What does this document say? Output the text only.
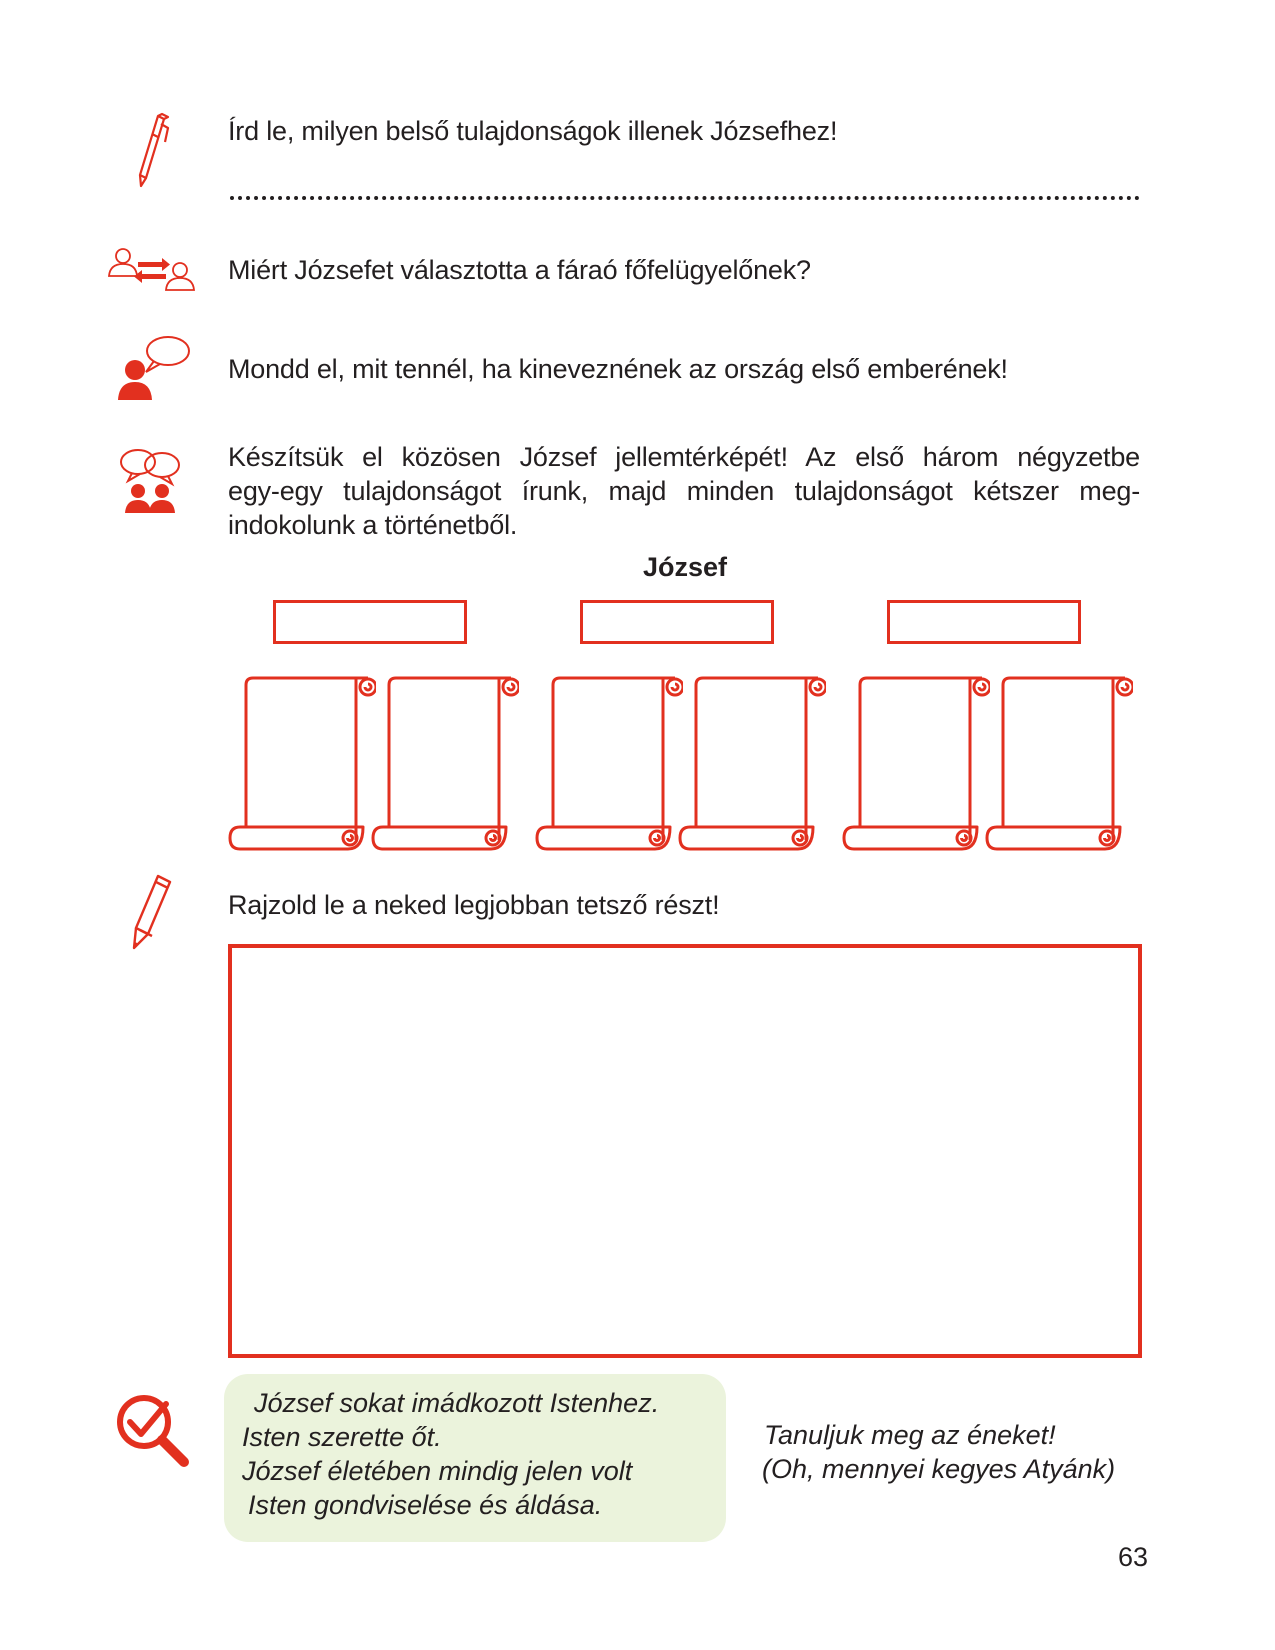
Írd le, milyen belső tulajdonságok illenek Józsefhez!
Miért Józsefet választotta a fáraó főfelügyelőnek?
Mondd el, mit tennél, ha kineveznének az ország első emberének!
Készítsük el közösen József jellemtérképét! Az első három négyzetbe
egy-egy tulajdonságot írunk, majd minden tulajdonságot kétszer meg-
indokolunk a történetből.
József
Rajzold le a neked legjobban tetsző részt!
József sokat imádkozott Istenhez.
Isten szerette őt.
József életében mindig jelen volt
Isten gondviselése és áldása.
Tanuljuk meg az éneket!
(Oh, mennyei kegyes Atyánk)
63
